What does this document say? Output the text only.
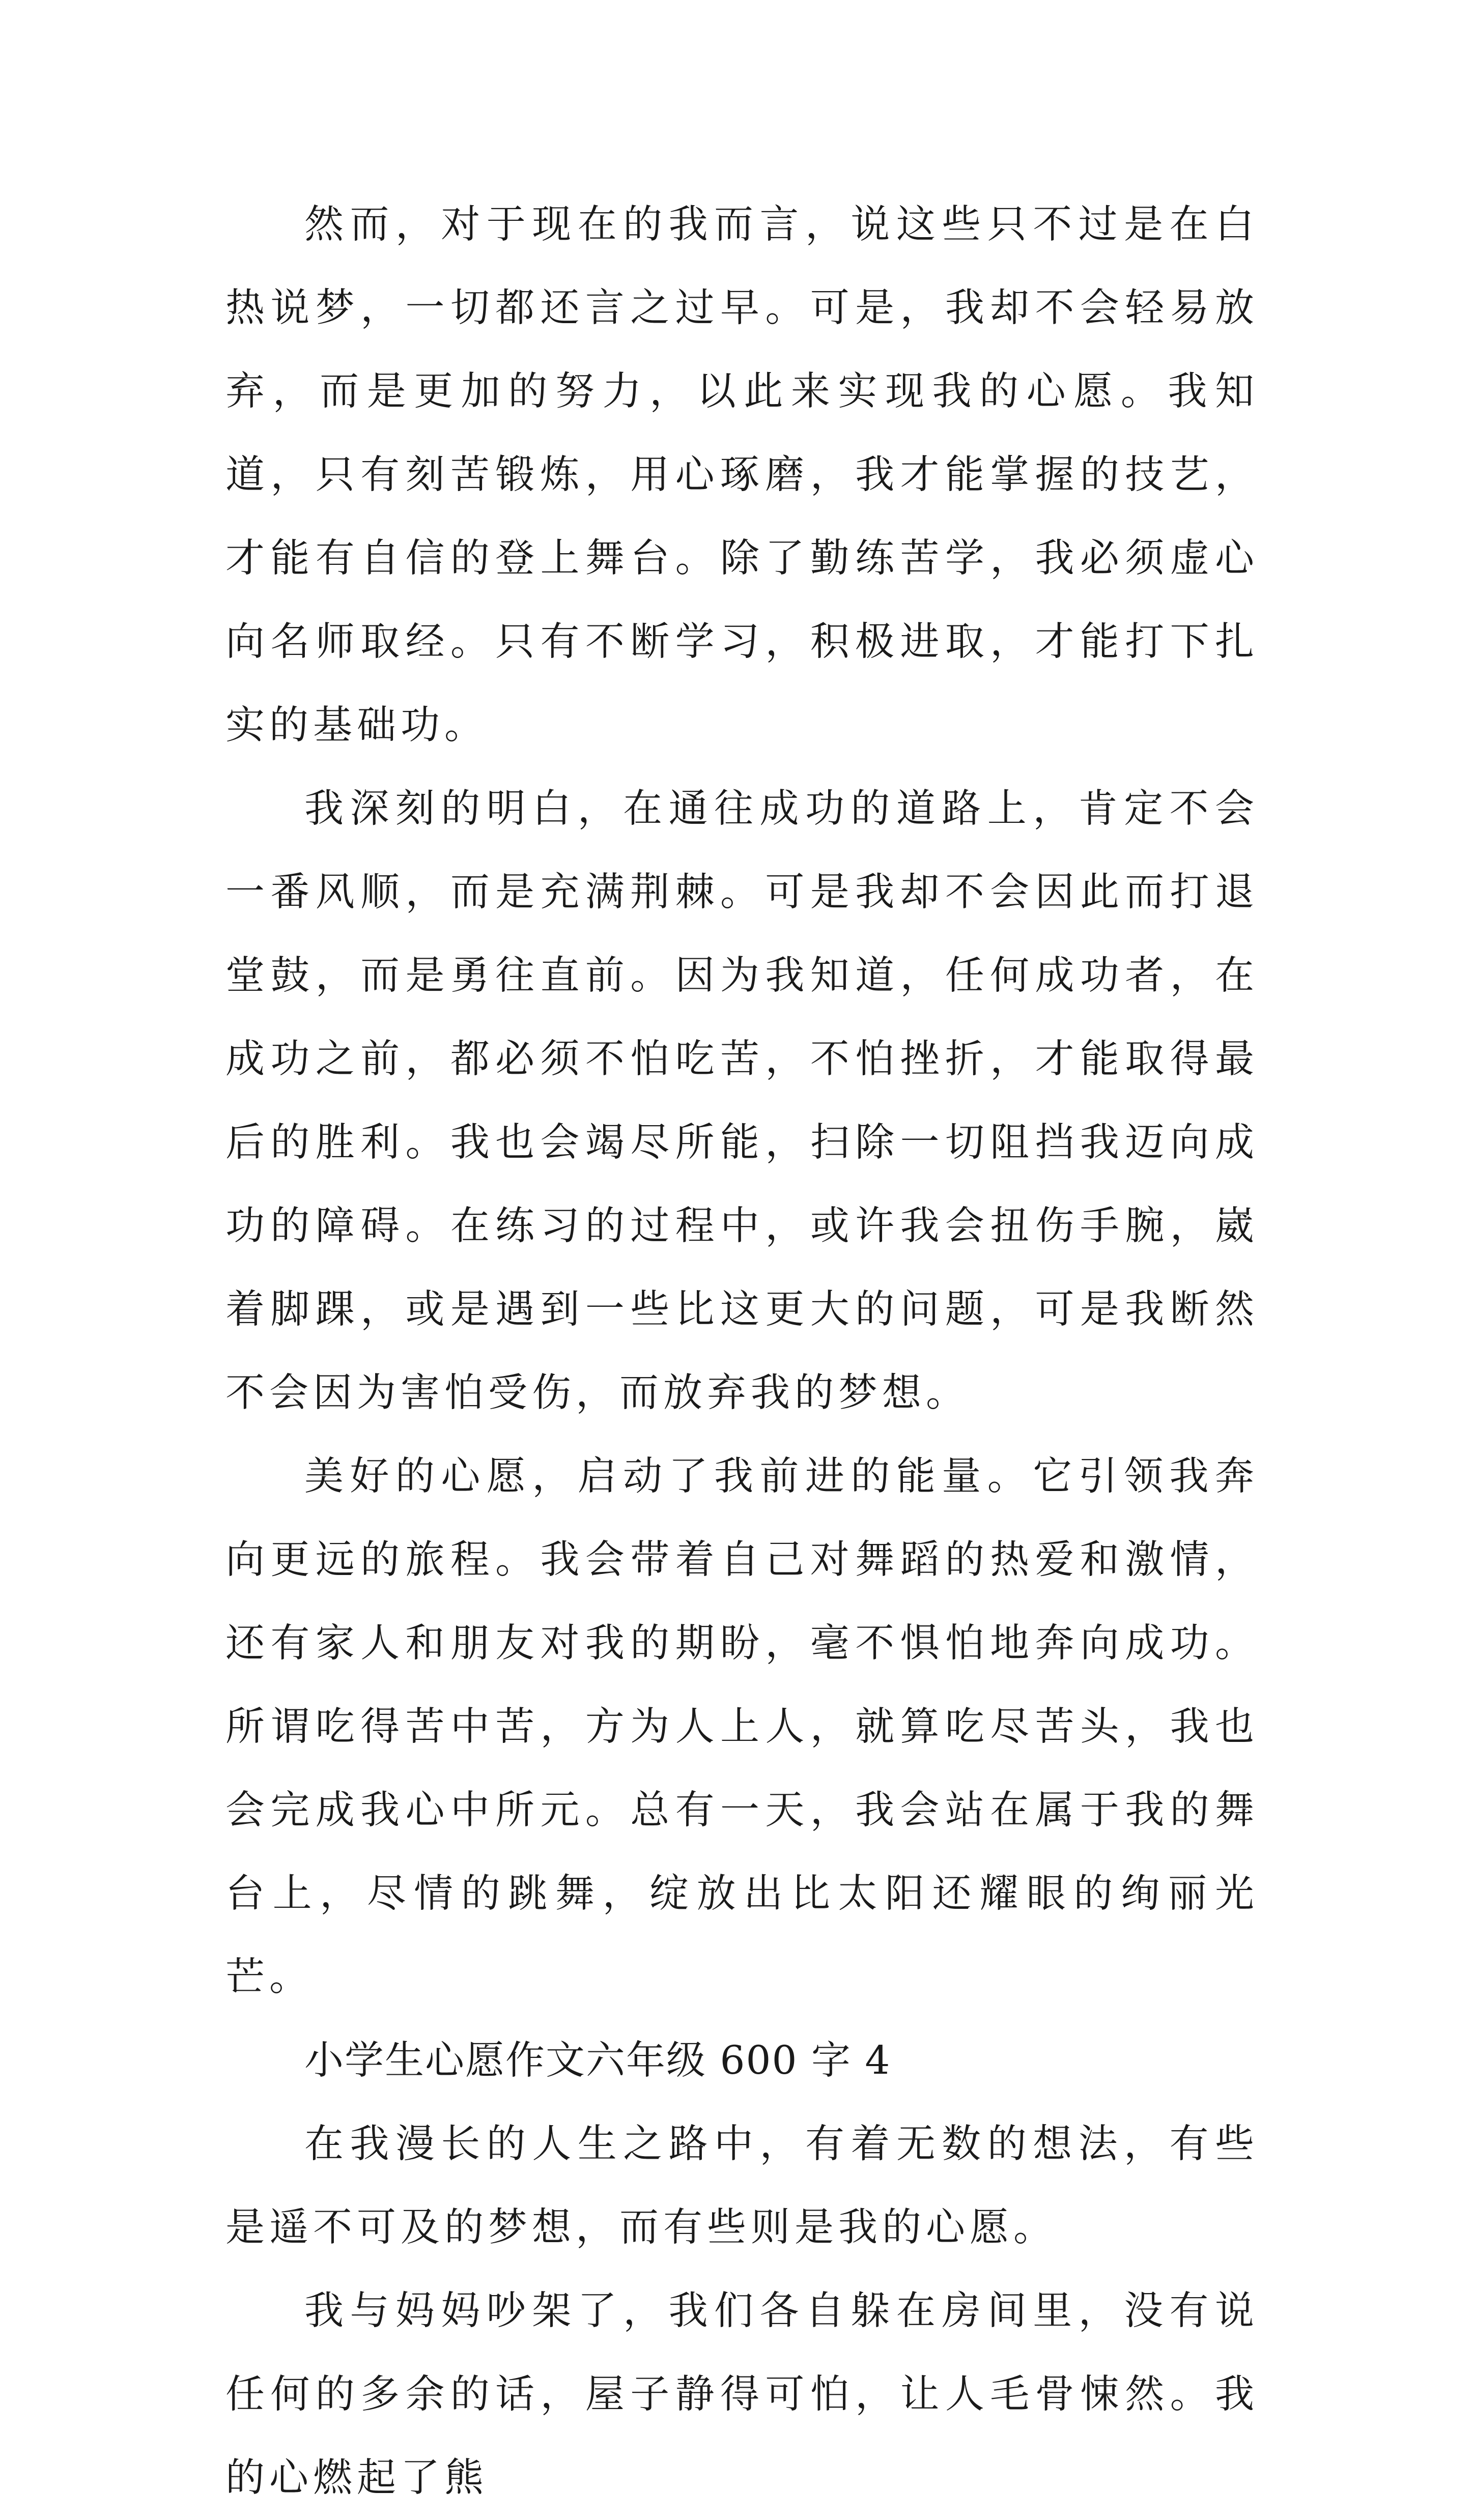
然而，对于现在的我而言，说这些只不过是在白热说梦，一切都还言之过早。可是，我却不会轻易放弃，而是更加的努力，以此来实现我的心愿。我知道，只有刻苦锻炼，用心琢磨，我才能掌握的技艺，才能有自信的登上舞台。除了勤练苦学，我必须虚心向名师取经。只有不断学习，积极进取，才能打下扎实的基础功。

我深刻的明白，在通往成功的道路上，肯定不会一番风顺，而是充满荆棘。可是我却不会因此而打退堂鼓，而是勇往直前。因为我知道，任何成功者，在成功之前，都必须不怕吃苦，不怕挫折，才能取得最后的胜利。我也会竭尽所能，扫除一切阻挡我迈向成功的障碍。在练习的过程中，或许我会扭伤手腕，崴着脚踝，或是遇到一些比这更大的问题，可是我断然不会因为害怕受伤，而放弃我的梦想。

美好的心愿，启动了我前进的能量。它引领我奔向更远的旅程。我会带着自己对舞蹈的热爱和激情，还有家人和朋友对我的期盼，毫不惧怕地奔向成功。所谓吃得苦中苦，方为人上人，就算吃尽苦头，我也会完成我心中所元。总有一天，我会站在属于我的舞台上，尽情的跳舞，绽放出比太阳还耀眼的绚丽光芒。

小学生心愿作文六年级 600 字 4

在我漫长的人生之路中，有着无数的想法，有些是遥不可及的梦想，而有些则是我的心愿。

我与妈妈吵架了，我们各自躲在房间里，没有说任何的多余的话，屋子静得可怕，让人毛骨悚然。我的心燃起了熊
